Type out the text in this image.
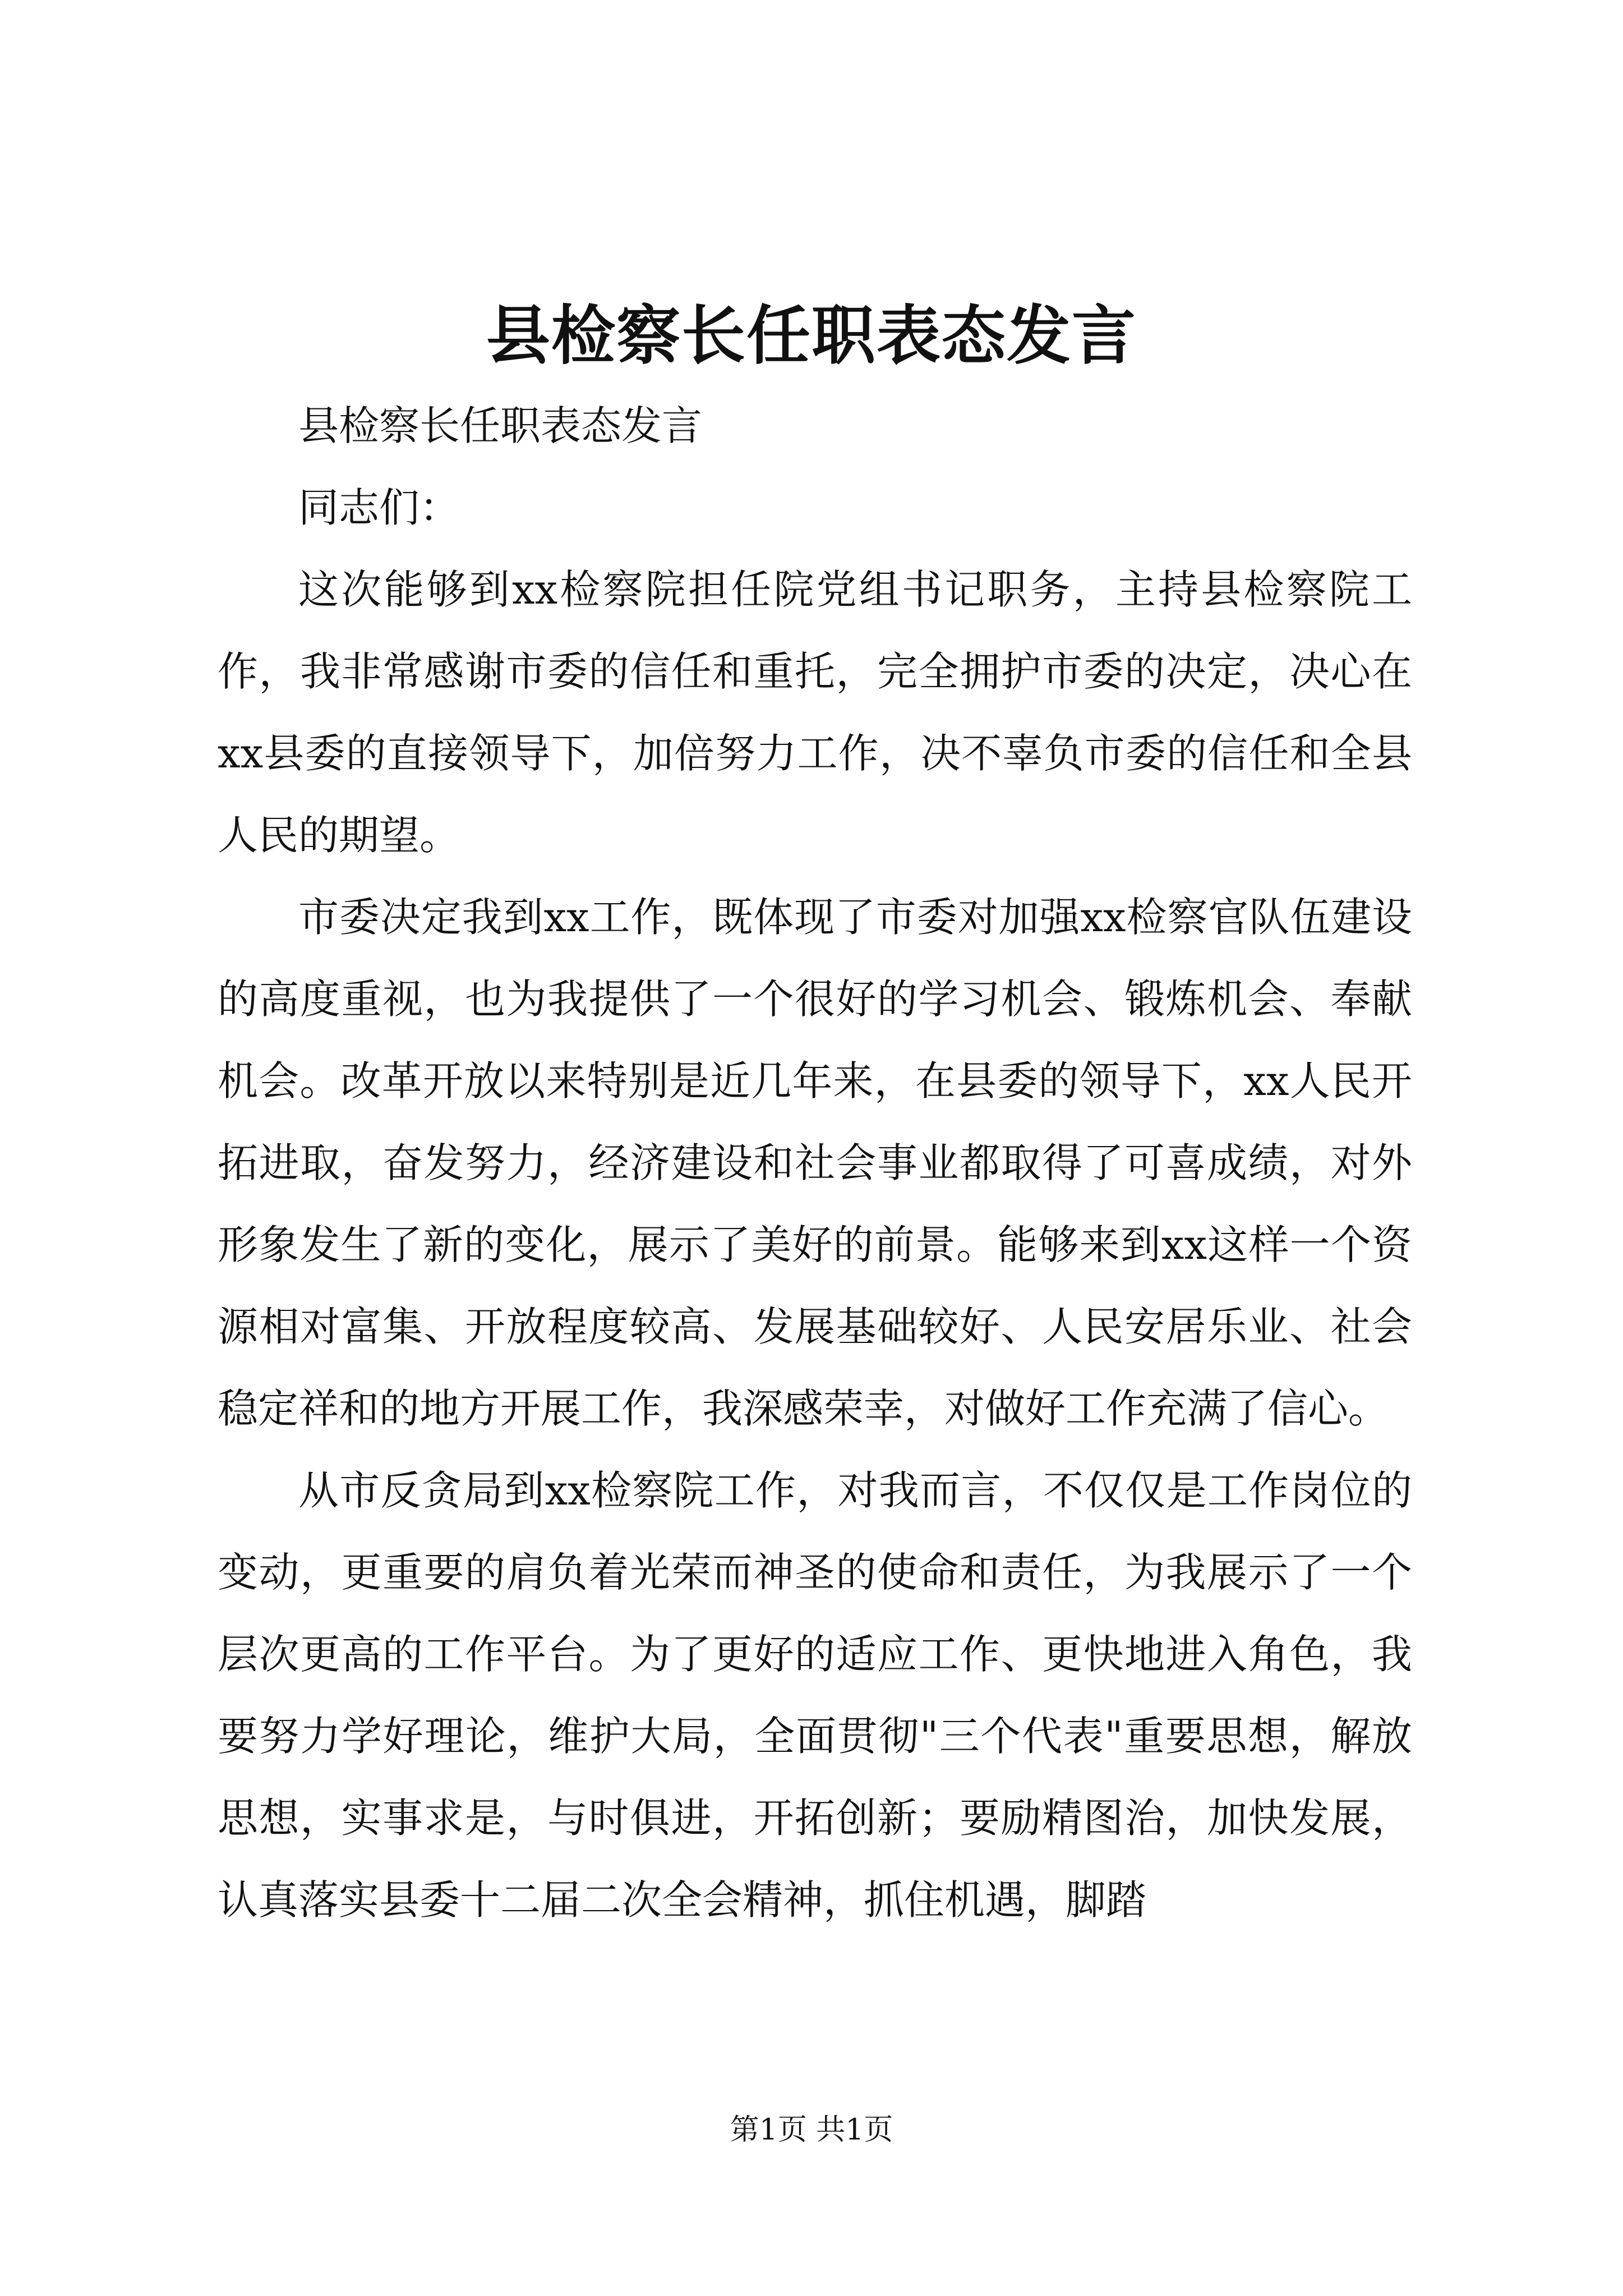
县检察长任职表态发言

县检察长任职表态发言

同志们：

这次能够到xx检察院担任院党组书记职务，主持县检察院工作，我非常感谢市委的信任和重托，完全拥护市委的决定，决心在xx县委的直接领导下，加倍努力工作，决不辜负市委的信任和全县人民的期望。

市委决定我到xx工作，既体现了市委对加强xx检察官队伍建设的高度重视，也为我提供了一个很好的学习机会、锻炼机会、奉献机会。改革开放以来特别是近几年来，在县委的领导下，xx人民开拓进取，奋发努力，经济建设和社会事业都取得了可喜成绩，对外形象发生了新的变化，展示了美好的前景。能够来到xx这样一个资源相对富集、开放程度较高、发展基础较好、人民安居乐业、社会稳定祥和的地方开展工作，我深感荣幸，对做好工作充满了信心。

从市反贪局到xx检察院工作，对我而言，不仅仅是工作岗位的变动，更重要的肩负着光荣而神圣的使命和责任，为我展示了一个层次更高的工作平台。为了更好的适应工作、更快地进入角色，我要努力学好理论，维护大局，全面贯彻"三个代表"重要思想，解放思想，实事求是，与时俱进，开拓创新；要励精图治，加快发展，认真落实县委十二届二次全会精神，抓住机遇，脚踏

第1页 共1页
